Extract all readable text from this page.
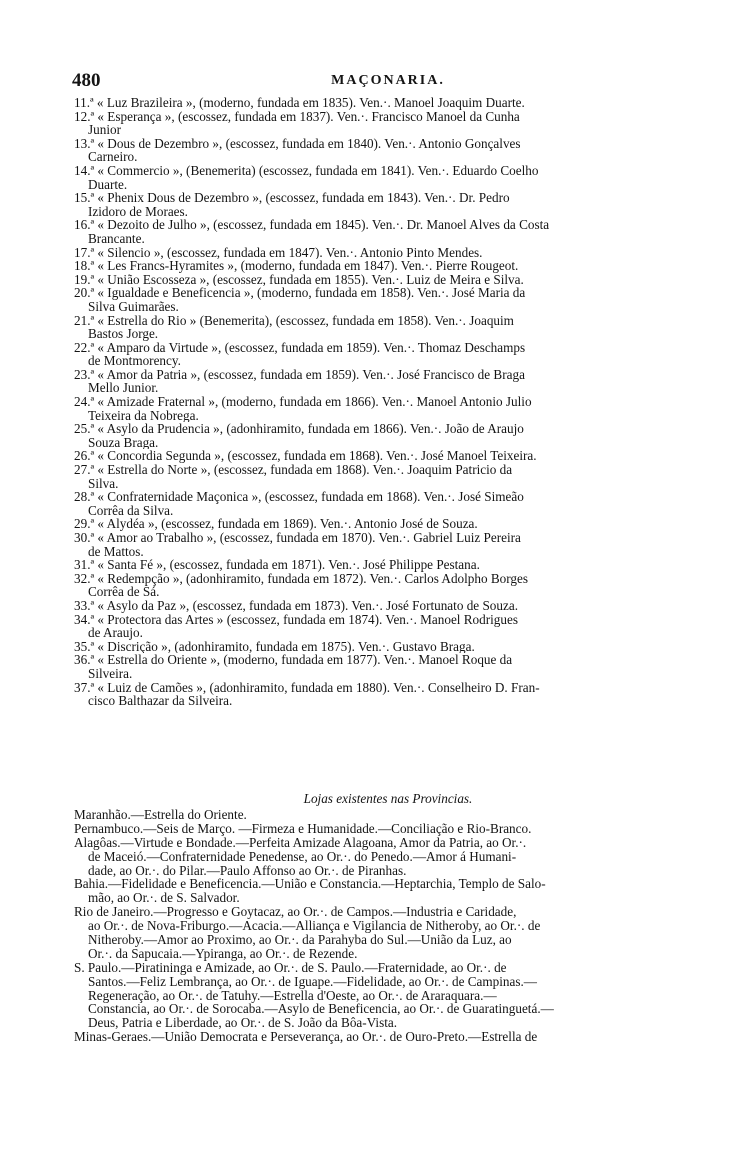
480	MAÇONARIA.
11.ª « Luz Brazileira », (moderno, fundada em 1835). Ven.·. Manoel Joaquim Duarte.
12.ª « Esperança », (escossez, fundada em 1837). Ven.·. Francisco Manoel da Cunha
Junior
13.ª « Dous de Dezembro », (escossez, fundada em 1840). Ven.·. Antonio Gonçalves
Carneiro.
14.ª « Commercio », (Benemerita) (escossez, fundada em 1841). Ven.·. Eduardo Coelho
Duarte.
15.ª « Phenix Dous de Dezembro », (escossez, fundada em 1843). Ven.·. Dr. Pedro
Izidoro de Moraes.
16.ª « Dezoito de Julho », (escossez, fundada em 1845). Ven.·. Dr. Manoel Alves da Costa
Brancante.
17.ª « Silencio », (escossez, fundada em 1847). Ven.·. Antonio Pinto Mendes.
18.ª « Les Francs-Hyramites », (moderno, fundada em 1847). Ven.·. Pierre Rougeot.
19.ª « União Escosseza », (escossez, fundada em 1855). Ven.·. Luiz de Meira e Silva.
20.ª « Igualdade e Beneficencia », (moderno, fundada em 1858). Ven.·. José Maria da
Silva Guimarães.
21.ª « Estrella do Rio » (Benemerita), (escossez, fundada em 1858). Ven.·. Joaquim
Bastos Jorge.
22.ª « Amparo da Virtude », (escossez, fundada em 1859). Ven.·. Thomaz Deschamps
de Montmorency.
23.ª « Amor da Patria », (escossez, fundada em 1859). Ven.·. José Francisco de Braga
Mello Junior.
24.ª « Amizade Fraternal », (moderno, fundada em 1866). Ven.·. Manoel Antonio Julio
Teixeira da Nobrega.
25.ª « Asylo da Prudencia », (adonhiramito, fundada em 1866). Ven.·. João de Araujo
Souza Braga.
26.ª « Concordia Segunda », (escossez, fundada em 1868). Ven.·. José Manoel Teixeira.
27.ª « Estrella do Norte », (escossez, fundada em 1868). Ven.·. Joaquim Patricio da
Silva.
28.ª « Confraternidade Maçonica », (escossez, fundada em 1868). Ven.·. José Simeão
Corrêa da Silva.
29.ª « Alydéa », (escossez, fundada em 1869). Ven.·. Antonio José de Souza.
30.ª « Amor ao Trabalho », (escossez, fundada em 1870). Ven.·. Gabriel Luiz Pereira
de Mattos.
31.ª « Santa Fé », (escossez, fundada em 1871). Ven.·. José Philippe Pestana.
32.ª « Redempção », (adonhiramito, fundada em 1872). Ven.·. Carlos Adolpho Borges
Corrêa de Sá.
33.ª « Asylo da Paz », (escossez, fundada em 1873). Ven.·. José Fortunato de Souza.
34.ª « Protectora das Artes » (escossez, fundada em 1874). Ven.·. Manoel Rodrigues
de Araujo.
35.ª « Discrição », (adonhiramito, fundada em 1875). Ven.·. Gustavo Braga.
36.ª « Estrella do Oriente », (moderno, fundada em 1877). Ven.·. Manoel Roque da
Silveira.
37.ª « Luiz de Camões », (adonhiramito, fundada em 1880). Ven.·. Conselheiro D. Fran-
cisco Balthazar da Silveira.
Lojas existentes nas Provincias.
Maranhão.—Estrella do Oriente.
Pernambuco.—Seis de Março. —Firmeza e Humanidade.—Conciliação e Rio-Branco.
Alagôas.—Virtude e Bondade.—Perfeita Amizade Alagoana, Amor da Patria, ao Or.·.
de Maceió.—Confraternidade Penedense, ao Or.·. do Penedo.—Amor á Humani-
dade, ao Or.·. do Pilar.—Paulo Affonso ao Or.·. de Piranhas.
Bahia.—Fidelidade e Beneficencia.—União e Constancia.—Heptarchia, Templo de Salo-
mão, ao Or.·. de S. Salvador.
Rio de Janeiro.—Progresso e Goytacaz, ao Or.·. de Campos.—Industria e Caridade,
ao Or.·. de Nova-Friburgo.—Acacia.—Alliança e Vigilancia de Nitheroby, ao Or.·. de
Nitheroby.—Amor ao Proximo, ao Or.·. da Parahyba do Sul.—União da Luz, ao
Or.·. da Sapucaia.—Ypiranga, ao Or.·. de Rezende.
S. Paulo.—Piratininga e Amizade, ao Or.·. de S. Paulo.—Fraternidade, ao Or.·. de
Santos.—Feliz Lembrança, ao Or.·. de Iguape.—Fidelidade, ao Or.·. de Campinas.—
Regeneração, ao Or.·. de Tatuhy.—Estrella d'Oeste, ao Or.·. de Araraquara.—
Constancia, ao Or.·. de Sorocaba.—Asylo de Beneficencia, ao Or.·. de Guaratinguetá.—
Deus, Patria e Liberdade, ao Or.·. de S. João da Bôa-Vista.
Minas-Geraes.—União Democrata e Perseverança, ao Or.·. de Ouro-Preto.—Estrella de
